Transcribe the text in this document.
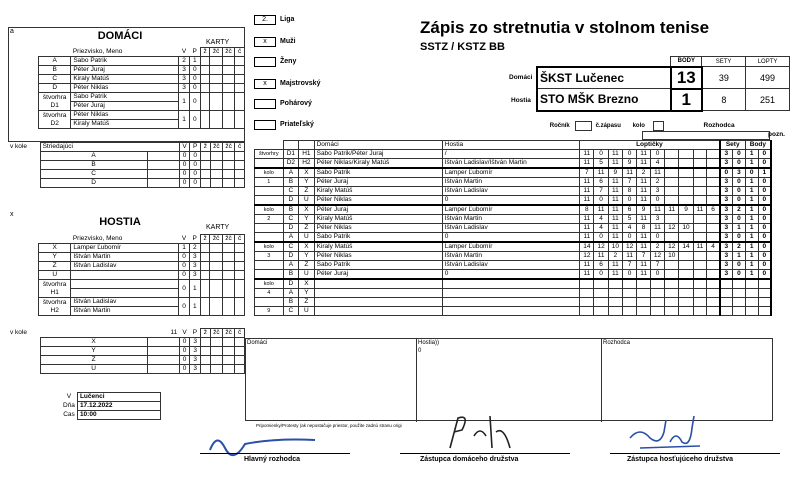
2.	Liga
x	Muži
Ženy
x	Majstrovský
Pohárový
Priateľský
Zápis zo stretnutia v stolnom tenise
SSTZ / KSTZ BB
	BODY	SETY	LOPTY
ŠKST Lučenec	13	39	499
STO MŠK Brezno	1	8	251
Domáci
Hostia
Ročník		č.zápasu	kolo		Rozhodca
pozn.
a	DOMÁCI
KARTY
	Priezvisko, Meno	V	P	ž	žč	žč	č
A	Sabo Patrik	2	1				
B	Péter Juraj	3	0				
C	Kiraly Matúš	3	0				
D	Péter Niklas	3	0				
štvorhra
D1	Sabo Patrik	1	0				
	Péter Juraj						
štvorhra
D2	Péter Niklas	1	0				
	Kiraly Matúš						
v kole	Striedajúci		V	P	ž	žč	žč	č
	A		0	0				
	B		0	0				
	C		0	0				
	D		0	0				
x
HOSTIA	KARTY
	Priezvisko, Meno	V	P	ž	žč	žč	č
X	Lamper Ľubomír	1	2				
Y	Ištván Martin	0	3				
Z	Ištván Ladislav	0	3				
U		0	3				
štvorhra
H1		0	1				

štvorhra
H2	Ištván Ladislav	0	1				
	Ištván Martin						
v kole		11	V	P	ž	žč	žč	č
	X		0	3				
	Y		0	3				
	Z		0	3				
	U		0	3				
			Domáci	Hostia	Loptičky										Sety		Body	
štvorhry	D1	H1	Sabo Patrik/Péter Juraj	/	11	0	11	0	11	0					3	0	1	0
	D2	H2	Péter Niklas/Kiraly Matúš	Ištván Ladislav/Ištván Martin	11	5	11	9	11	4					3	0	1	0
kolo	A	X	Sabo Patrik	Lamper Ľubomír	7	11	9	11	2	11					0	3	0	1
1	B	Y	Péter Juraj	Ištván Martin	11	6	11	7	11	2					3	0	1	0
	C	Z	Kiraly Matúš	Ištván Ladislav	11	7	11	8	11	3					3	0	1	0
	D	U	Péter Niklas	0	11	0	11	0	11	0					3	0	1	0
kolo	B	X	Péter Juraj	Lamper Ľubomír	8	11	11	6	9	11	11	9	11	6	3	2	1	0
2	C	Y	Kiraly Matúš	Ištván Martin	11	4	11	5	11	3					3	0	1	0
	D	Z	Péter Niklas	Ištván Ladislav	11	4	11	4	8	11	12	10			3	1	1	0
	A	U	Sabo Patrik	0	11	0	11	0	11	0					3	0	1	0
kolo	C	X	Kiraly Matúš	Lamper Ľubomír	14	12	10	12	11	2	12	14	11	4	3	2	1	0
3	D	Y	Péter Niklas	Ištván Martin	12	11	2	11	7	12	10				3	1	1	0
	A	Z	Sabo Patrik	Ištván Ladislav	11	6	11	7	11	7					3	0	1	0
	B	U	Péter Juraj	0	11	0	11	0	11	0					3	0	1	0
kolo	D	X																
4	A	Y																
	B	Z																
9	C	U																
Domáci	Hostia))
0
Rozhodca
V	Lučenci
Dňa	17.12.2022
Čas	10:00
Pripomienky/Protesty (ak nepostačuje priestor, použite zadnú stranu origi
Hlavný rozhodca	Zástupca domáceho družstva	Zástupca hosťujúceho družstva
